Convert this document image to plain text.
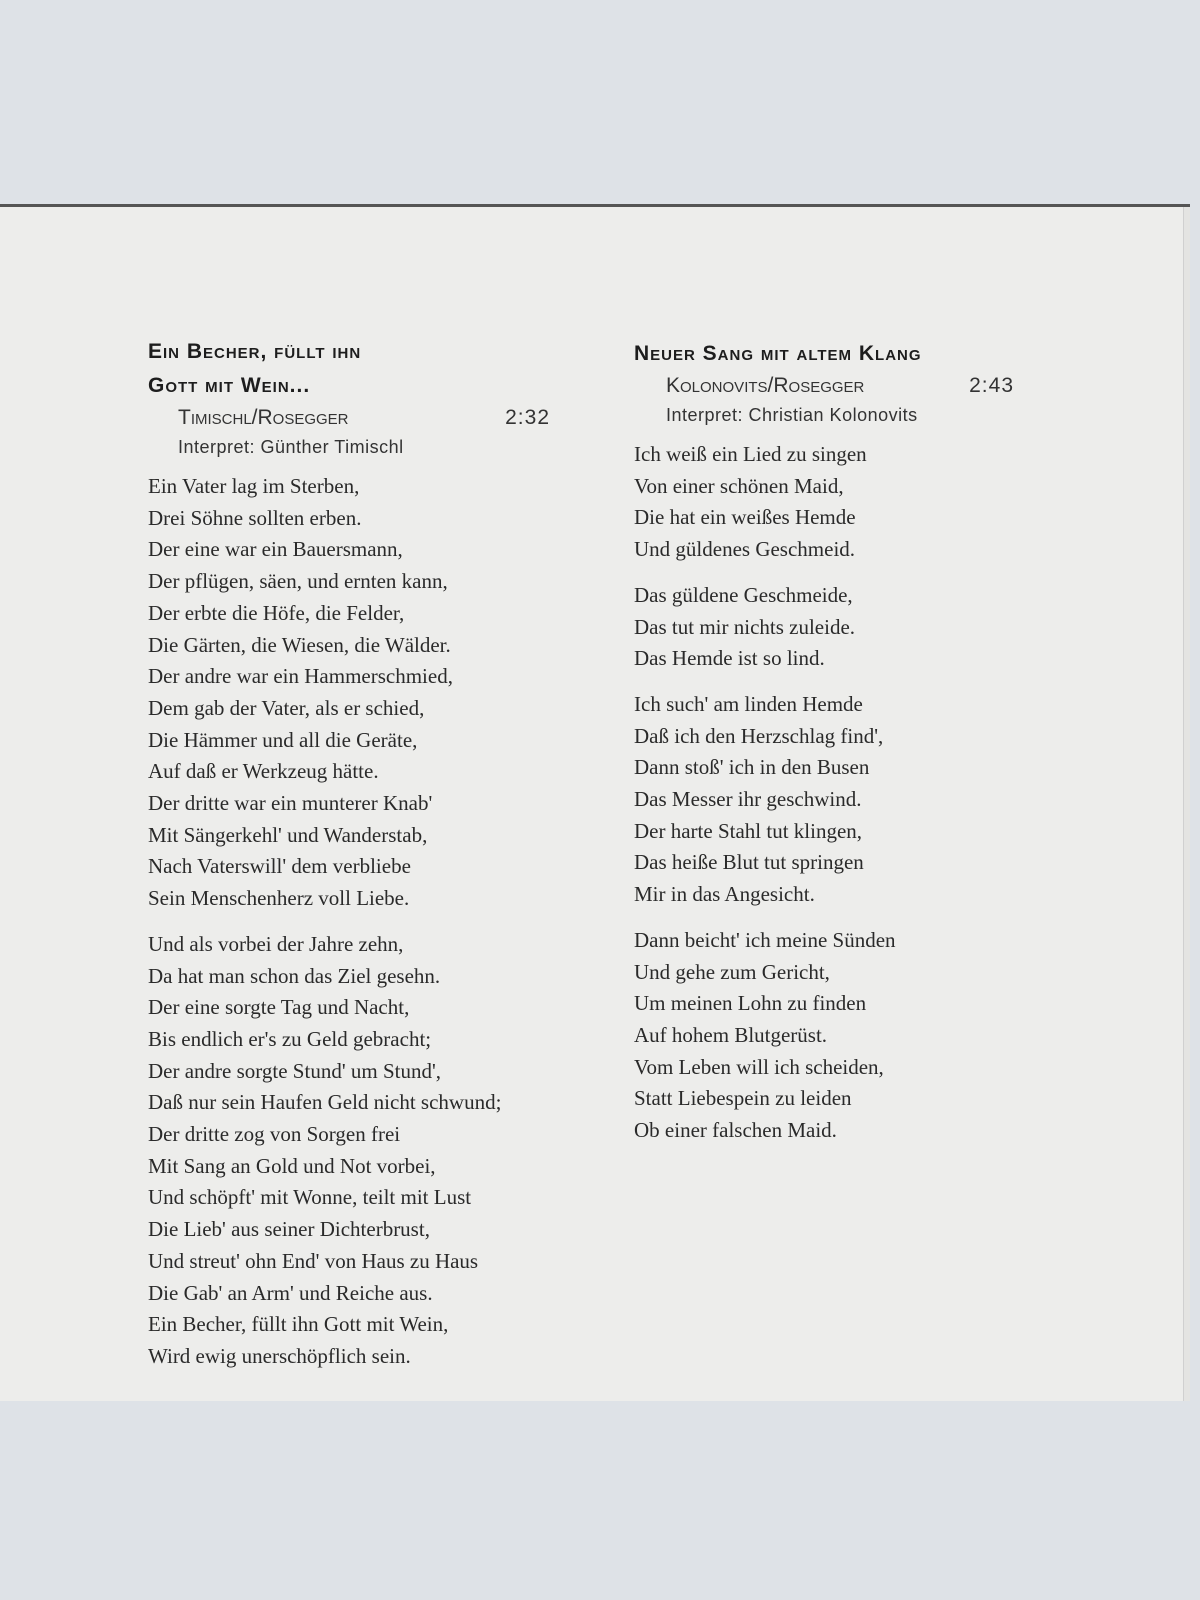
Ein Becher, füllt ihn
Gott mit Wein...
Timischl/Rosegger	2:32
Interpret: Günther Timischl
Ein Vater lag im Sterben,
Drei Söhne sollten erben.
Der eine war ein Bauersmann,
Der pflügen, säen, und ernten kann,
Der erbte die Höfe, die Felder,
Die Gärten, die Wiesen, die Wälder.
Der andre war ein Hammerschmied,
Dem gab der Vater, als er schied,
Die Hämmer und all die Geräte,
Auf daß er Werkzeug hätte.
Der dritte war ein munterer Knab'
Mit Sängerkehl' und Wanderstab,
Nach Vaterswill' dem verbliebe
Sein Menschenherz voll Liebe.
Und als vorbei der Jahre zehn,
Da hat man schon das Ziel gesehn.
Der eine sorgte Tag und Nacht,
Bis endlich er's zu Geld gebracht;
Der andre sorgte Stund' um Stund',
Daß nur sein Haufen Geld nicht schwund;
Der dritte zog von Sorgen frei
Mit Sang an Gold und Not vorbei,
Und schöpft' mit Wonne, teilt mit Lust
Die Lieb' aus seiner Dichterbrust,
Und streut' ohn End' von Haus zu Haus
Die Gab' an Arm' und Reiche aus.
Ein Becher, füllt ihn Gott mit Wein,
Wird ewig unerschöpflich sein.
Neuer Sang mit altem Klang
Kolonovits/Rosegger	2:43
Interpret: Christian Kolonovits
Ich weiß ein Lied zu singen
Von einer schönen Maid,
Die hat ein weißes Hemde
Und güldenes Geschmeid.
Das güldene Geschmeide,
Das tut mir nichts zuleide.
Das Hemde ist so lind.
Ich such' am linden Hemde
Daß ich den Herzschlag find',
Dann stoß' ich in den Busen
Das Messer ihr geschwind.
Der harte Stahl tut klingen,
Das heiße Blut tut springen
Mir in das Angesicht.
Dann beicht' ich meine Sünden
Und gehe zum Gericht,
Um meinen Lohn zu finden
Auf hohem Blutgerüst.
Vom Leben will ich scheiden,
Statt Liebespein zu leiden
Ob einer falschen Maid.
